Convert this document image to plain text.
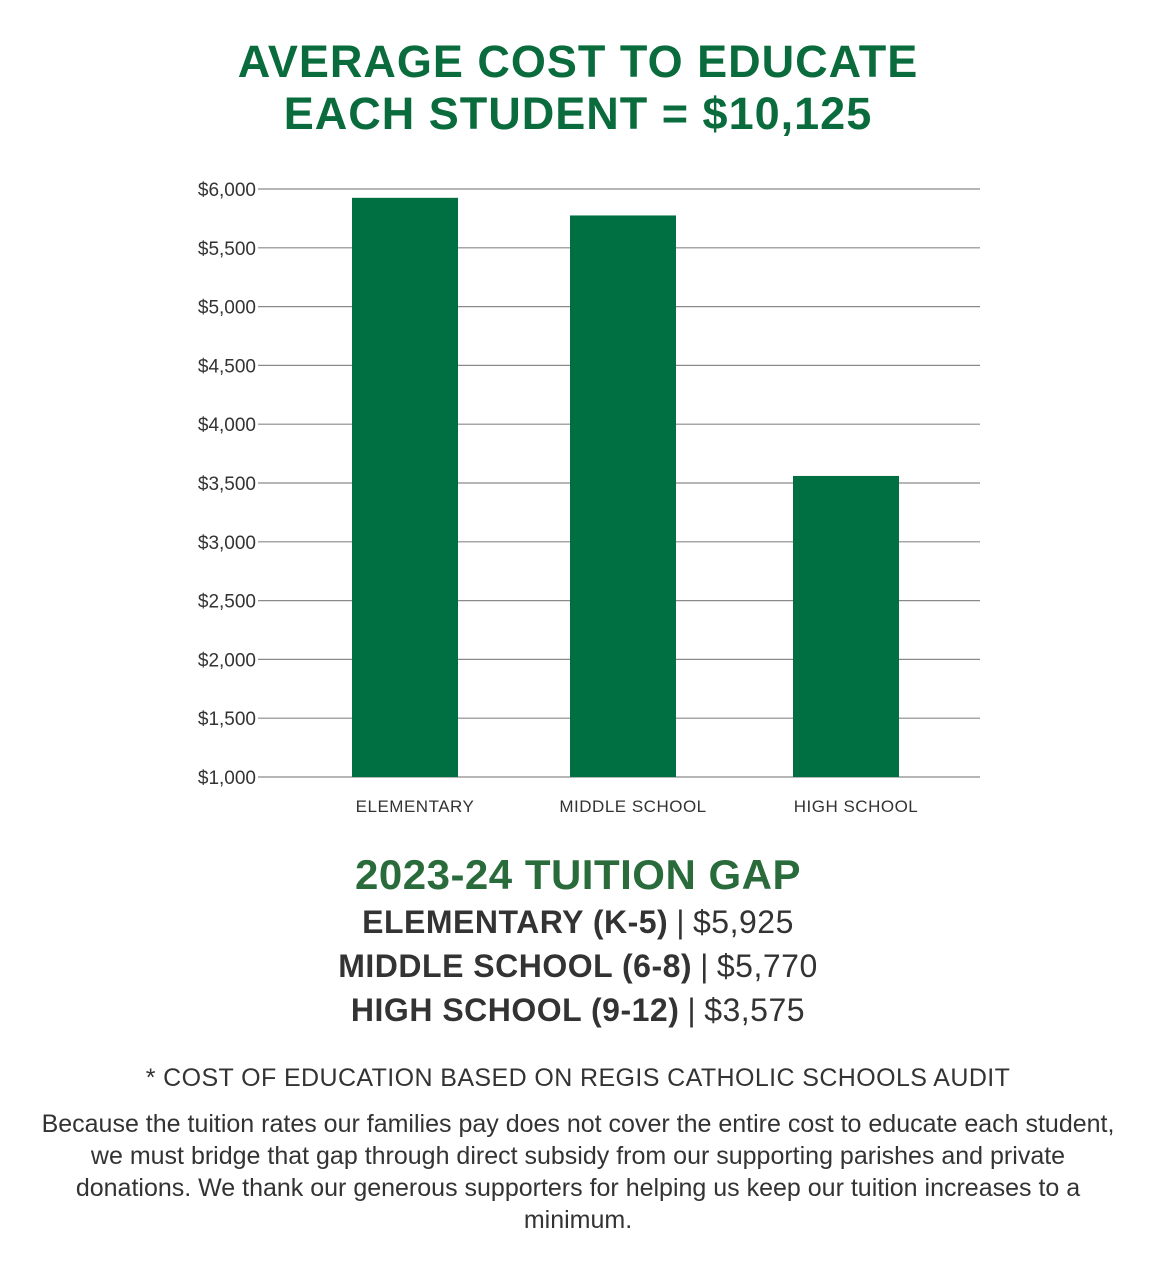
AVERAGE COST TO EDUCATE
EACH STUDENT = $10,125
$1,000
$1,500
$2,000
$2,500
$3,000
$3,500
$4,000
$4,500
$5,000
$5,500
$6,000
ELEMENTARY	MIDDLE SCHOOL	HIGH SCHOOL
2023-24 TUITION GAP
ELEMENTARY (K-5) | $5,925
MIDDLE SCHOOL (6-8) | $5,770
HIGH SCHOOL (9-12) | $3,575
* COST OF EDUCATION BASED ON REGIS CATHOLIC SCHOOLS AUDIT
Because the tuition rates our families pay does not cover the entire cost to educate each student, we must bridge that gap through direct subsidy from our supporting parishes and private donations. We thank our generous supporters for helping us keep our tuition increases to a minimum.
